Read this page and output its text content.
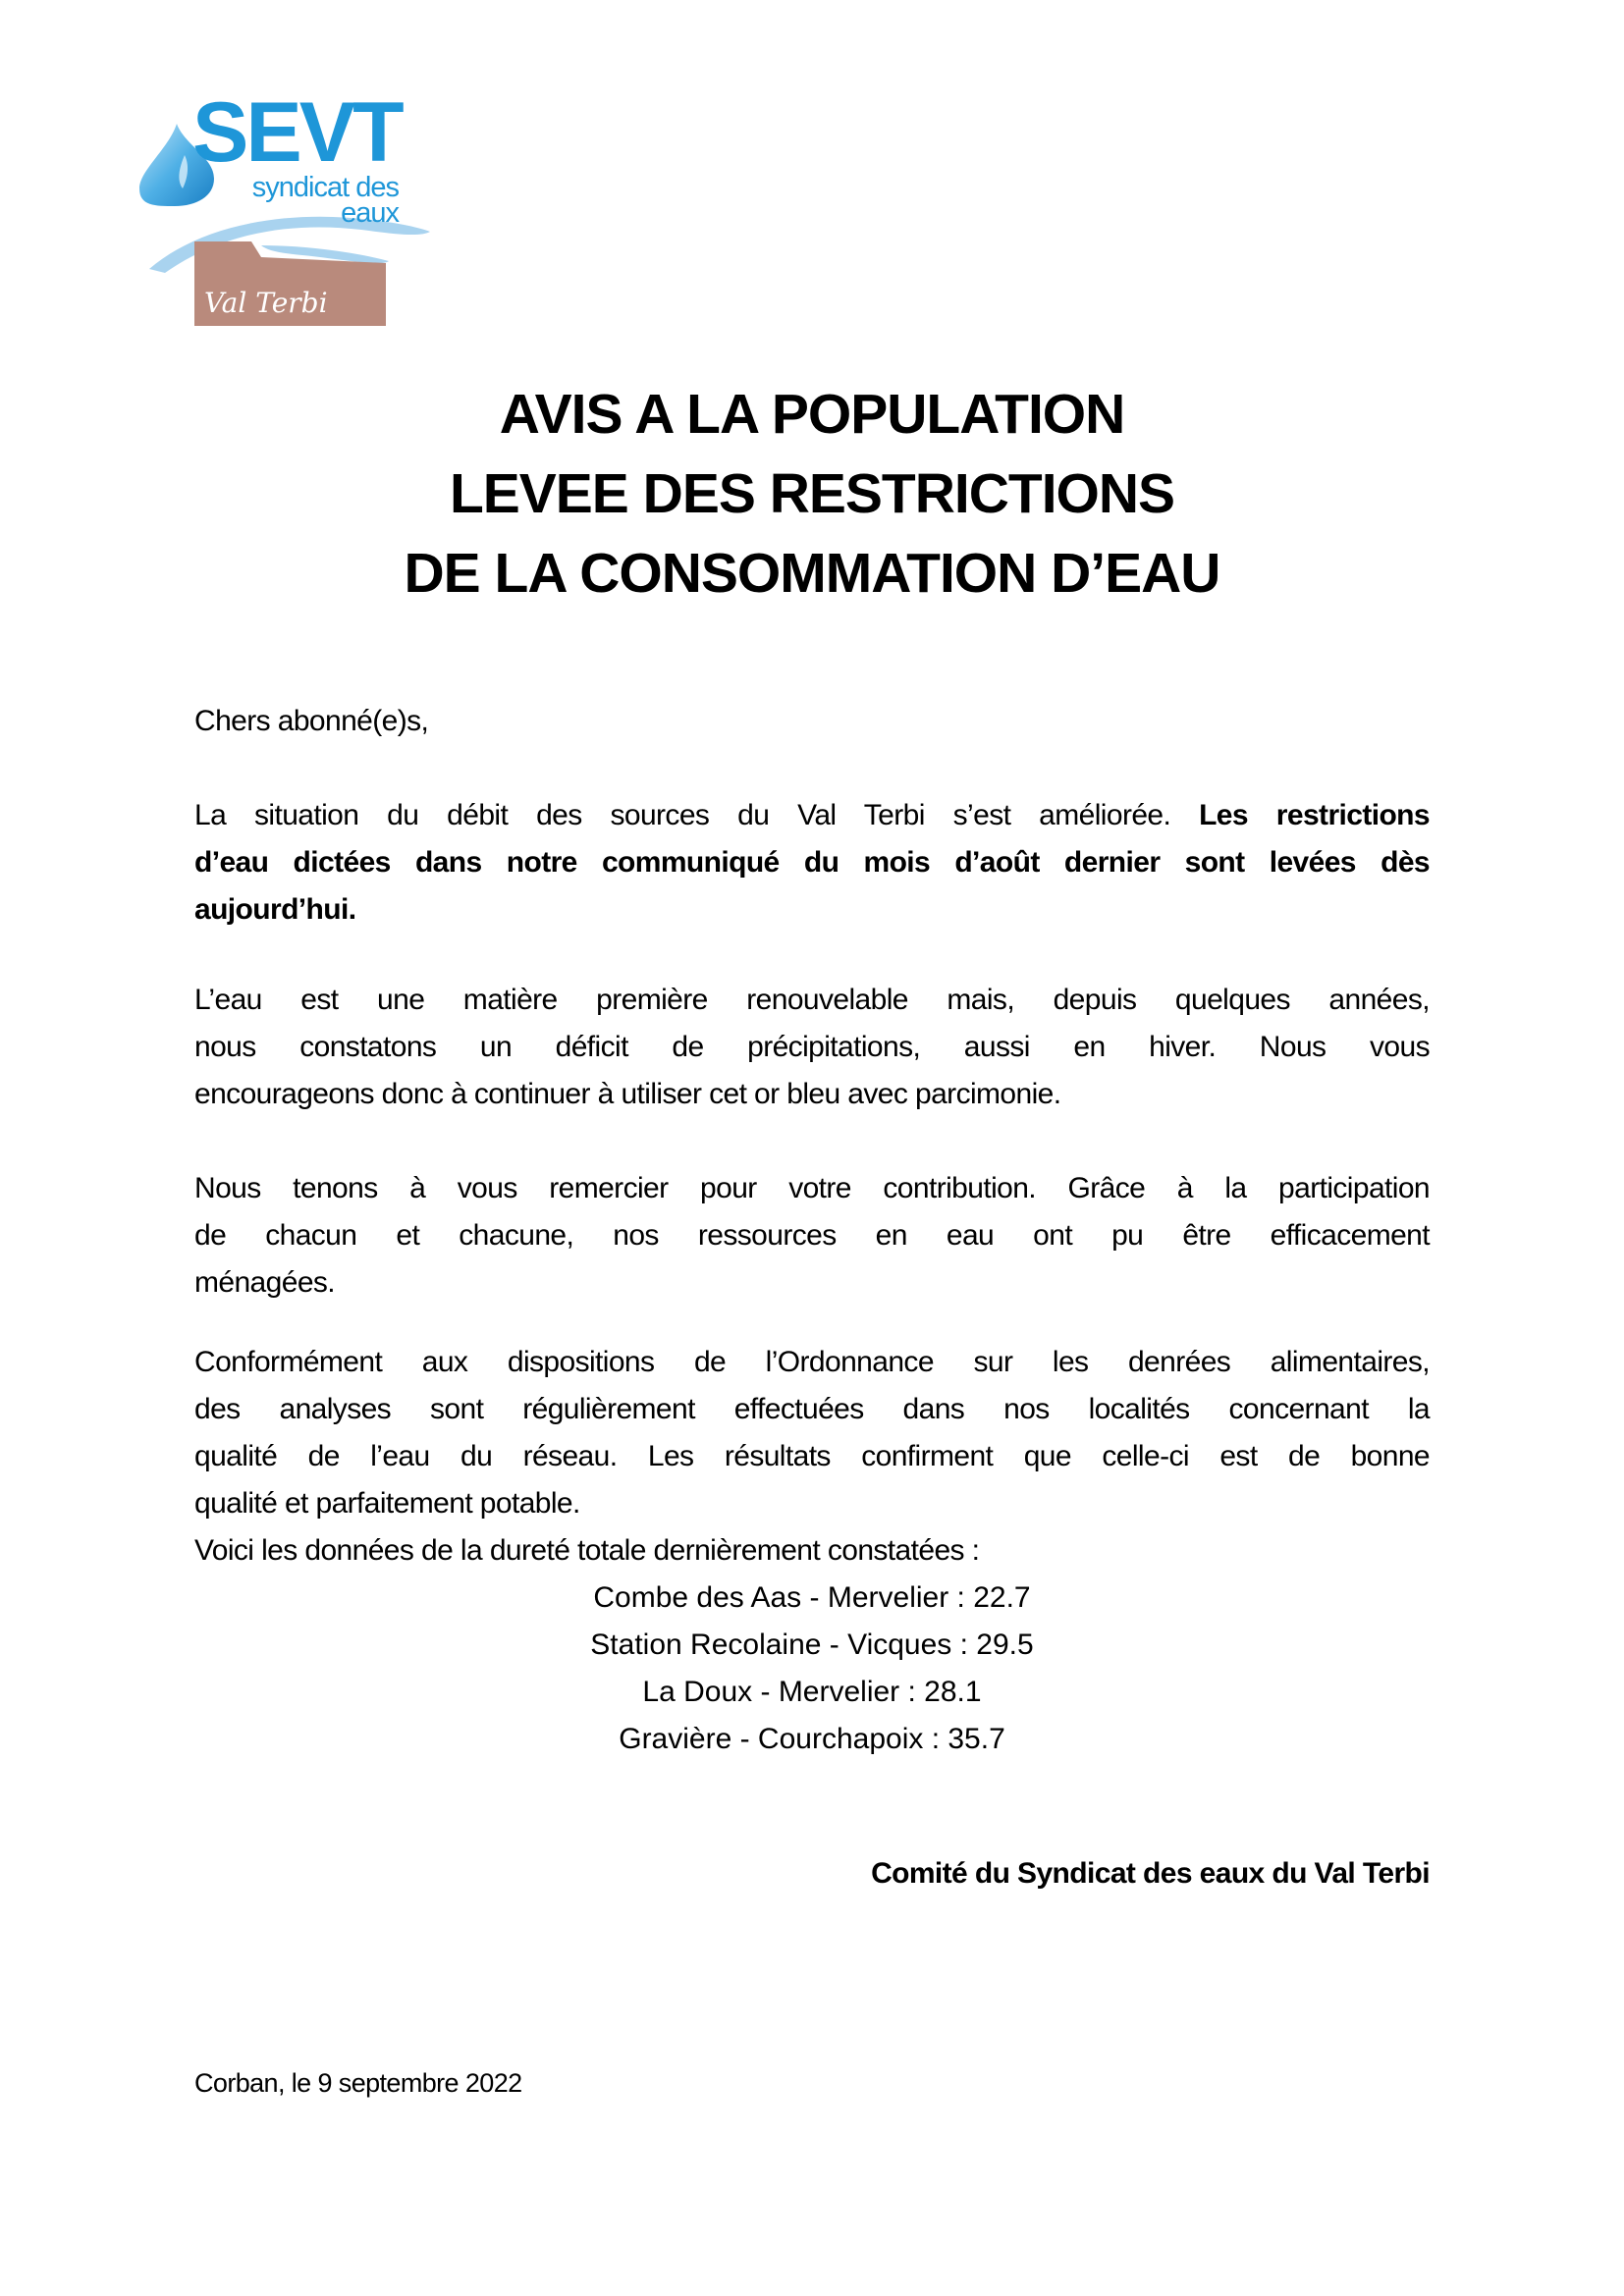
SEVT
syndicat des
eaux
Val Terbi
AVIS A LA POPULATION
LEVEE DES RESTRICTIONS
DE LA CONSOMMATION D’EAU
Chers abonné(e)s,
La situation du débit des sources du Val Terbi s’est améliorée. Les restrictions
d’eau dictées dans notre communiqué du mois d’août dernier sont levées dès
aujourd’hui.
L’eau est une matière première renouvelable mais, depuis quelques années,
nous constatons un déficit de précipitations, aussi en hiver. Nous vous
encourageons donc à continuer à utiliser cet or bleu avec parcimonie.
Nous tenons à vous remercier pour votre contribution. Grâce à la participation
de chacun et chacune, nos ressources en eau ont pu être efficacement
ménagées.
Conformément aux dispositions de l’Ordonnance sur les denrées alimentaires,
des analyses sont régulièrement effectuées dans nos localités concernant la
qualité de l’eau du réseau. Les résultats confirment que celle-ci est de bonne
qualité et parfaitement potable.
Voici les données de la dureté totale dernièrement constatées :
Combe des Aas - Mervelier : 22.7
Station Recolaine - Vicques : 29.5
La Doux - Mervelier : 28.1
Gravière - Courchapoix : 35.7
Comité du Syndicat des eaux du Val Terbi
Corban, le 9 septembre 2022
